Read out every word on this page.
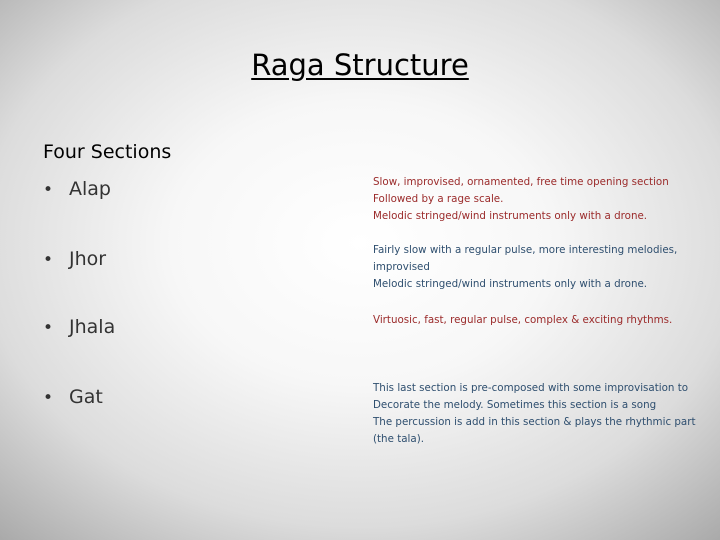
Raga Structure
Four Sections
• Alap	Slow, improvised, ornamented, free time opening section
Followed by a rage scale.
Melodic stringed/wind instruments only with a drone.
• Jhor	Fairly slow with a regular pulse, more interesting melodies,
improvised
Melodic stringed/wind instruments only with a drone.
• Jhala	Virtuosic, fast, regular pulse, complex & exciting rhythms.
• Gat	This last section is pre-composed with some improvisation to
Decorate the melody. Sometimes this section is a song
The percussion is add in this section & plays the rhythmic part
(the tala).
